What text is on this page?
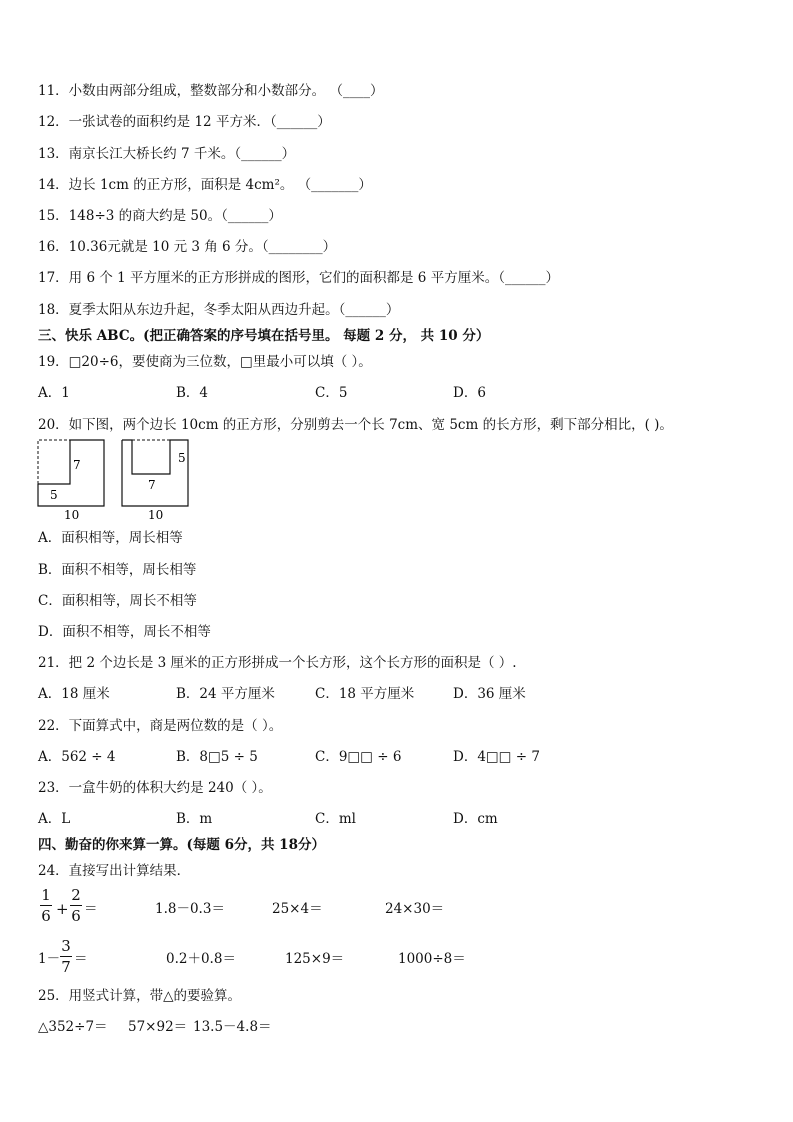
11．小数由两部分组成，整数部分和小数部分。 （____）
12．一张试卷的面积约是 12 平方米．（______）
13．南京长江大桥长约 7 千米。（______）
14．边长 1cm 的正方形，面积是 4cm²。 （_______）
15．148÷3 的商大约是 50。（______）
16．10.36元就是 10 元 3 角 6 分。（________）
17．用 6 个 1 平方厘米的正方形拼成的图形，它们的面积都是 6 平方厘米。（______）
18．夏季太阳从东边升起，冬季太阳从西边升起。（______）
三、快乐 ABC。(把正确答案的序号填在括号里。 每题 2 分， 共 10 分）
19．□20÷6，要使商为三位数，□里最小可以填（ ）。
A．1	B．4	C．5	D．6
20．如下图，两个边长 10cm 的正方形，分别剪去一个长 7cm、宽 5cm 的长方形，剩下部分相比，( )。
7
5
10
5
7
10
A．面积相等，周长相等
B．面积不相等，周长相等
C．面积相等，周长不相等
D．面积不相等，周长不相等
21．把 2 个边长是 3 厘米的正方形拼成一个长方形，这个长方形的面积是（ ）.
A．18 厘米	B．24 平方厘米	C．18 平方厘米	D．36 厘米
22．下面算式中，商是两位数的是（ ）。
A．562 ÷ 4	B．8□5 ÷ 5	C．9□□ ÷ 6	D．4□□ ÷ 7
23．一盒牛奶的体积大约是 240（ ）。
A．L	B．m	C．ml	D．cm
四、勤奋的你来算一算。(每题 6分，共 18分）
24．直接写出计算结果．
1
6 +
2
6 ＝	1.8－0.3＝	25×4＝	24×30＝
1－
3
7 ＝	0.2＋0.8＝	125×9＝	1000÷8＝
25．用竖式计算，带△的要验算。
△352÷7＝ 57×92＝ 13.5－4.8＝
